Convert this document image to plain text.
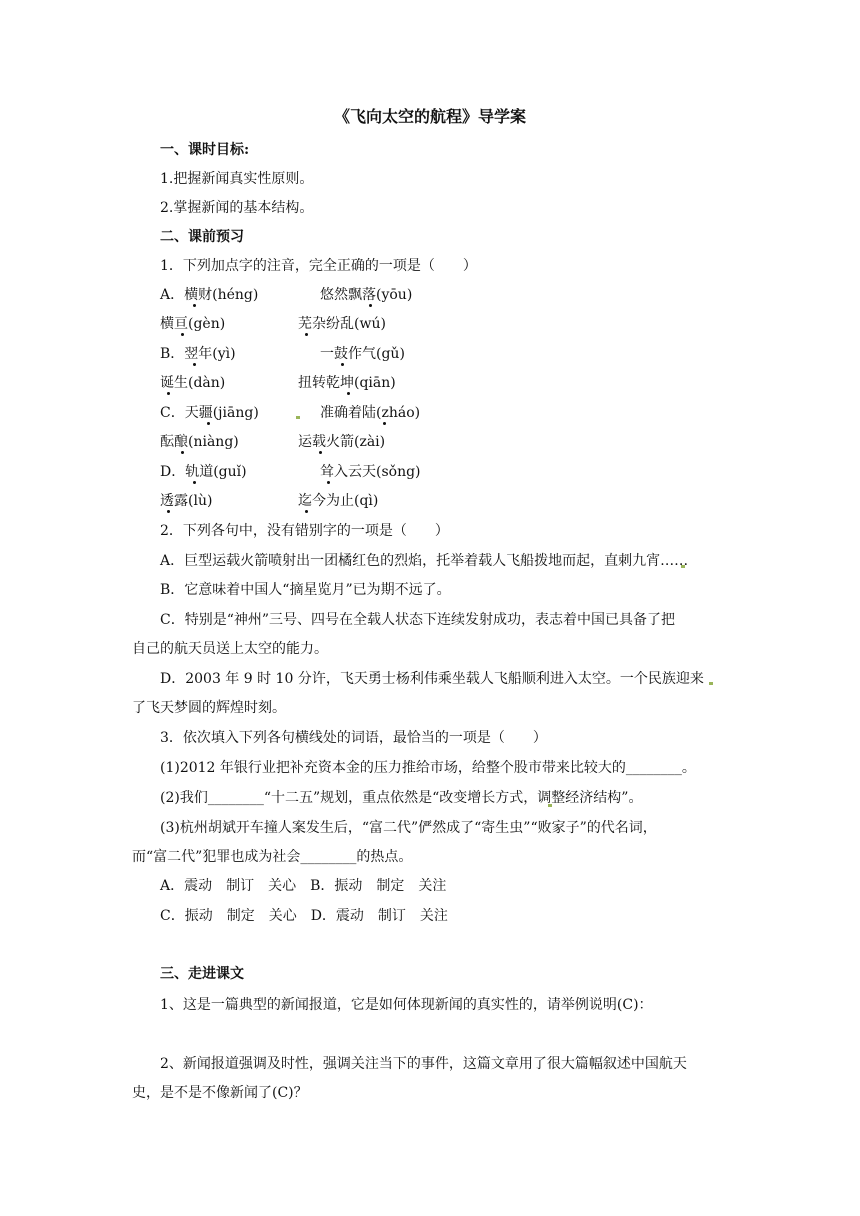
《飞向太空的航程》导学案
一、课时目标:
1.把握新闻真实性原则。
2.掌握新闻的基本结构。
二、课前预习
1．下列加点字的注音，完全正确的一项是（　　）
A．横财(héng)	悠然飘落(yōu)
横亘(gèn)	芜杂纷乱(wú)
B．翌年(yì)	一鼓作气(gǔ)
诞生(dàn)	扭转乾坤(qiān)
C．天疆(jiāng)	准确着陆(zháo)
酝酿(niàng)	运载火箭(zài)
D．轨道(guǐ)	耸入云天(sǒng)
透露(lù)	迄今为止(qì)
2．下列各句中，没有错别字的一项是（　　）
A．巨型运载火箭喷射出一团橘红色的烈焰，托举着载人飞船拨地而起，直刺九宵……
B．它意味着中国人“摘星览月”已为期不远了。
C．特别是“神州”三号、四号在全载人状态下连续发射成功，表志着中国已具备了把
自己的航天员送上太空的能力。
D．2003 年 9 时 10 分许，飞天勇士杨利伟乘坐载人飞船顺利进入太空。一个民族迎来
了飞天梦圆的辉煌时刻。
3．依次填入下列各句横线处的词语，最恰当的一项是（　　）
(1)2012 年银行业把补充资本金的压力推给市场，给整个股市带来比较大的________。
(2)我们________“十二五”规划，重点依然是“改变增长方式，调整经济结构”。
(3)杭州胡斌开车撞人案发生后，“富二代”俨然成了“寄生虫”“败家子”的代名词，
而“富二代”犯罪也成为社会________的热点。
A．震动　制订　关心　B．振动　制定　关注
C．振动　制定　关心　D．震动　制订　关注
三、走进课文
1、这是一篇典型的新闻报道，它是如何体现新闻的真实性的，请举例说明(C)：
2、新闻报道强调及时性，强调关注当下的事件，这篇文章用了很大篇幅叙述中国航天
史，是不是不像新闻了(C)？
